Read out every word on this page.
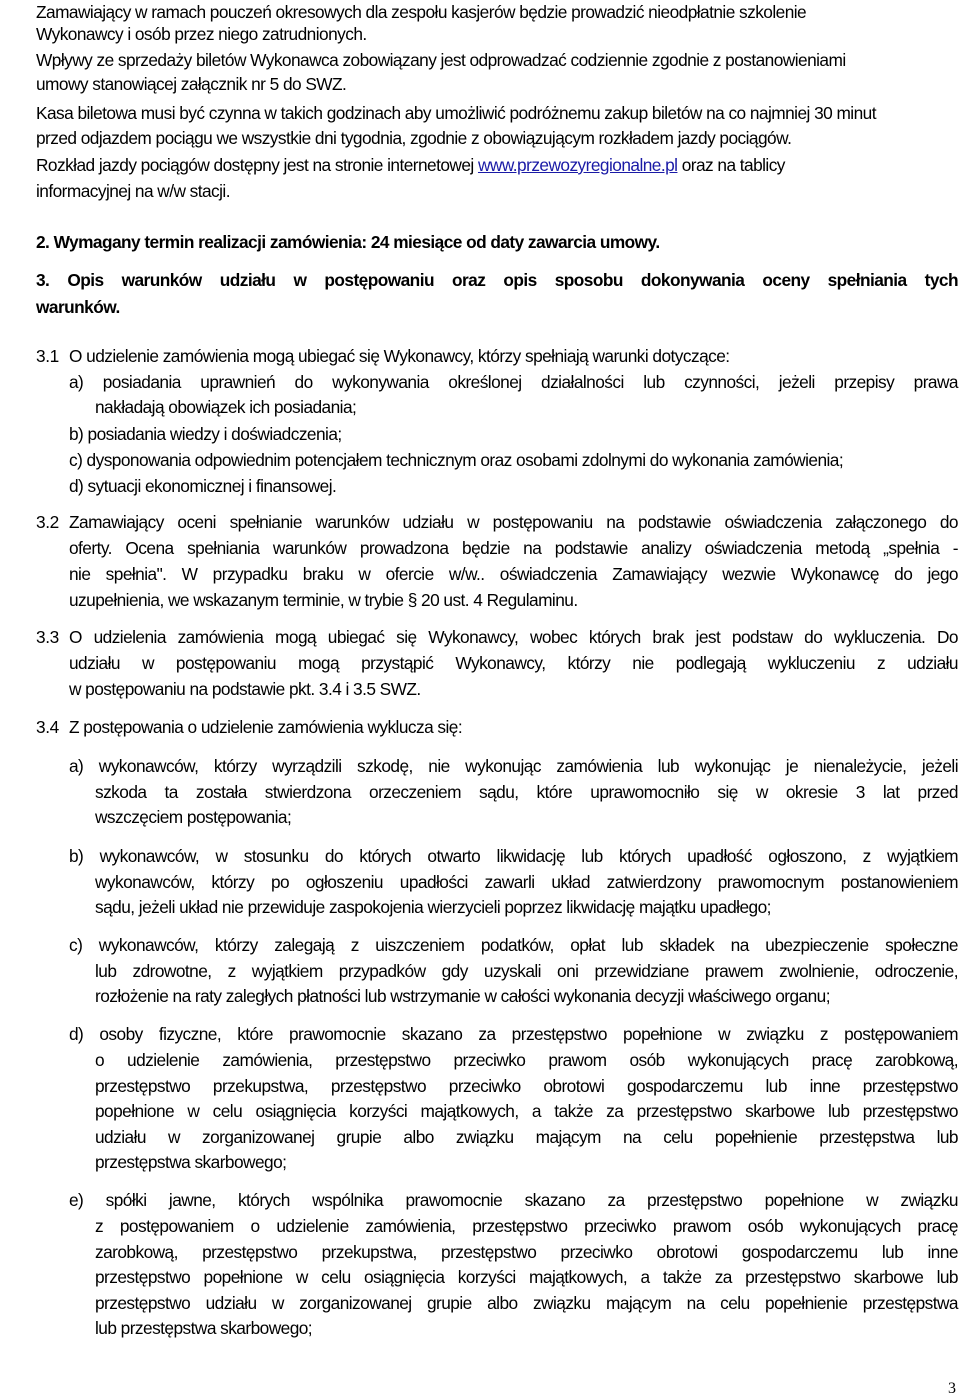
Zamawiający w ramach pouczeń okresowych dla zespołu kasjerów będzie prowadzić nieodpłatnie szkolenie
Wykonawcy i osób przez niego zatrudnionych.
Wpływy ze sprzedaży biletów Wykonawca zobowiązany jest odprowadzać codziennie zgodnie z postanowieniami
umowy stanowiącej załącznik nr 5 do SWZ.
Kasa biletowa musi być czynna w takich godzinach aby umożliwić podróżnemu zakup biletów na co najmniej 30 minut
przed odjazdem pociągu we wszystkie dni tygodnia, zgodnie z obowiązującym rozkładem jazdy pociągów.
Rozkład jazdy pociągów dostępny jest na stronie internetowej www.przewozyregionalne.pl oraz na tablicy
informacyjnej na w/w stacji.
2. Wymagany termin realizacji zamówienia: 24 miesiące od daty zawarcia umowy.
3. Opis warunków udziału w postępowaniu oraz opis sposobu dokonywania oceny spełniania tych
warunków.
3.1 O udzielenie zamówienia mogą ubiegać się Wykonawcy, którzy spełniają warunki dotyczące:
a) posiadania uprawnień do wykonywania określonej działalności lub czynności, jeżeli przepisy prawa
nakładają obowiązek ich posiadania;
b) posiadania wiedzy i doświadczenia;
c) dysponowania odpowiednim potencjałem technicznym oraz osobami zdolnymi do wykonania zamówienia;
d) sytuacji ekonomicznej i finansowej.
3.2 Zamawiający oceni spełnianie warunków udziału w postępowaniu na podstawie oświadczenia załączonego do
oferty. Ocena spełniania warunków prowadzona będzie na podstawie analizy oświadczenia metodą „spełnia -
nie spełnia". W przypadku braku w ofercie w/w.. oświadczenia Zamawiający wezwie Wykonawcę do jego
uzupełnienia, we wskazanym terminie, w trybie § 20 ust. 4 Regulaminu.
3.3 O udzielenia zamówienia mogą ubiegać się Wykonawcy, wobec których brak jest podstaw do wykluczenia. Do
udziału w postępowaniu mogą przystąpić Wykonawcy, którzy nie podlegają wykluczeniu z udziału
w postępowaniu na podstawie pkt. 3.4 i 3.5 SWZ.
3.4 Z postępowania o udzielenie zamówienia wyklucza się:
a) wykonawców, którzy wyrządzili szkodę, nie wykonując zamówienia lub wykonując je nienależycie, jeżeli
szkoda ta została stwierdzona orzeczeniem sądu, które uprawomocniło się w okresie 3 lat przed
wszczęciem postępowania;
b) wykonawców, w stosunku do których otwarto likwidację lub których upadłość ogłoszono, z wyjątkiem
wykonawców, którzy po ogłoszeniu upadłości zawarli układ zatwierdzony prawomocnym postanowieniem
sądu, jeżeli układ nie przewiduje zaspokojenia wierzycieli poprzez likwidację majątku upadłego;
c) wykonawców, którzy zalegają z uiszczeniem podatków, opłat lub składek na ubezpieczenie społeczne
lub zdrowotne, z wyjątkiem przypadków gdy uzyskali oni przewidziane prawem zwolnienie, odroczenie,
rozłożenie na raty zaległych płatności lub wstrzymanie w całości wykonania decyzji właściwego organu;
d) osoby fizyczne, które prawomocnie skazano za przestępstwo popełnione w związku z postępowaniem
o udzielenie zamówienia, przestępstwo przeciwko prawom osób wykonujących pracę zarobkową,
przestępstwo przekupstwa, przestępstwo przeciwko obrotowi gospodarczemu lub inne przestępstwo
popełnione w celu osiągnięcia korzyści majątkowych, a także za przestępstwo skarbowe lub przestępstwo
udziału w zorganizowanej grupie albo związku mającym na celu popełnienie przestępstwa lub
przestępstwa skarbowego;
e) spółki jawne, których wspólnika prawomocnie skazano za przestępstwo popełnione w związku
z postępowaniem o udzielenie zamówienia, przestępstwo przeciwko prawom osób wykonujących pracę
zarobkową, przestępstwo przekupstwa, przestępstwo przeciwko obrotowi gospodarczemu lub inne
przestępstwo popełnione w celu osiągnięcia korzyści majątkowych, a także za przestępstwo skarbowe lub
przestępstwo udziału w zorganizowanej grupie albo związku mającym na celu popełnienie przestępstwa
lub przestępstwa skarbowego;
3
